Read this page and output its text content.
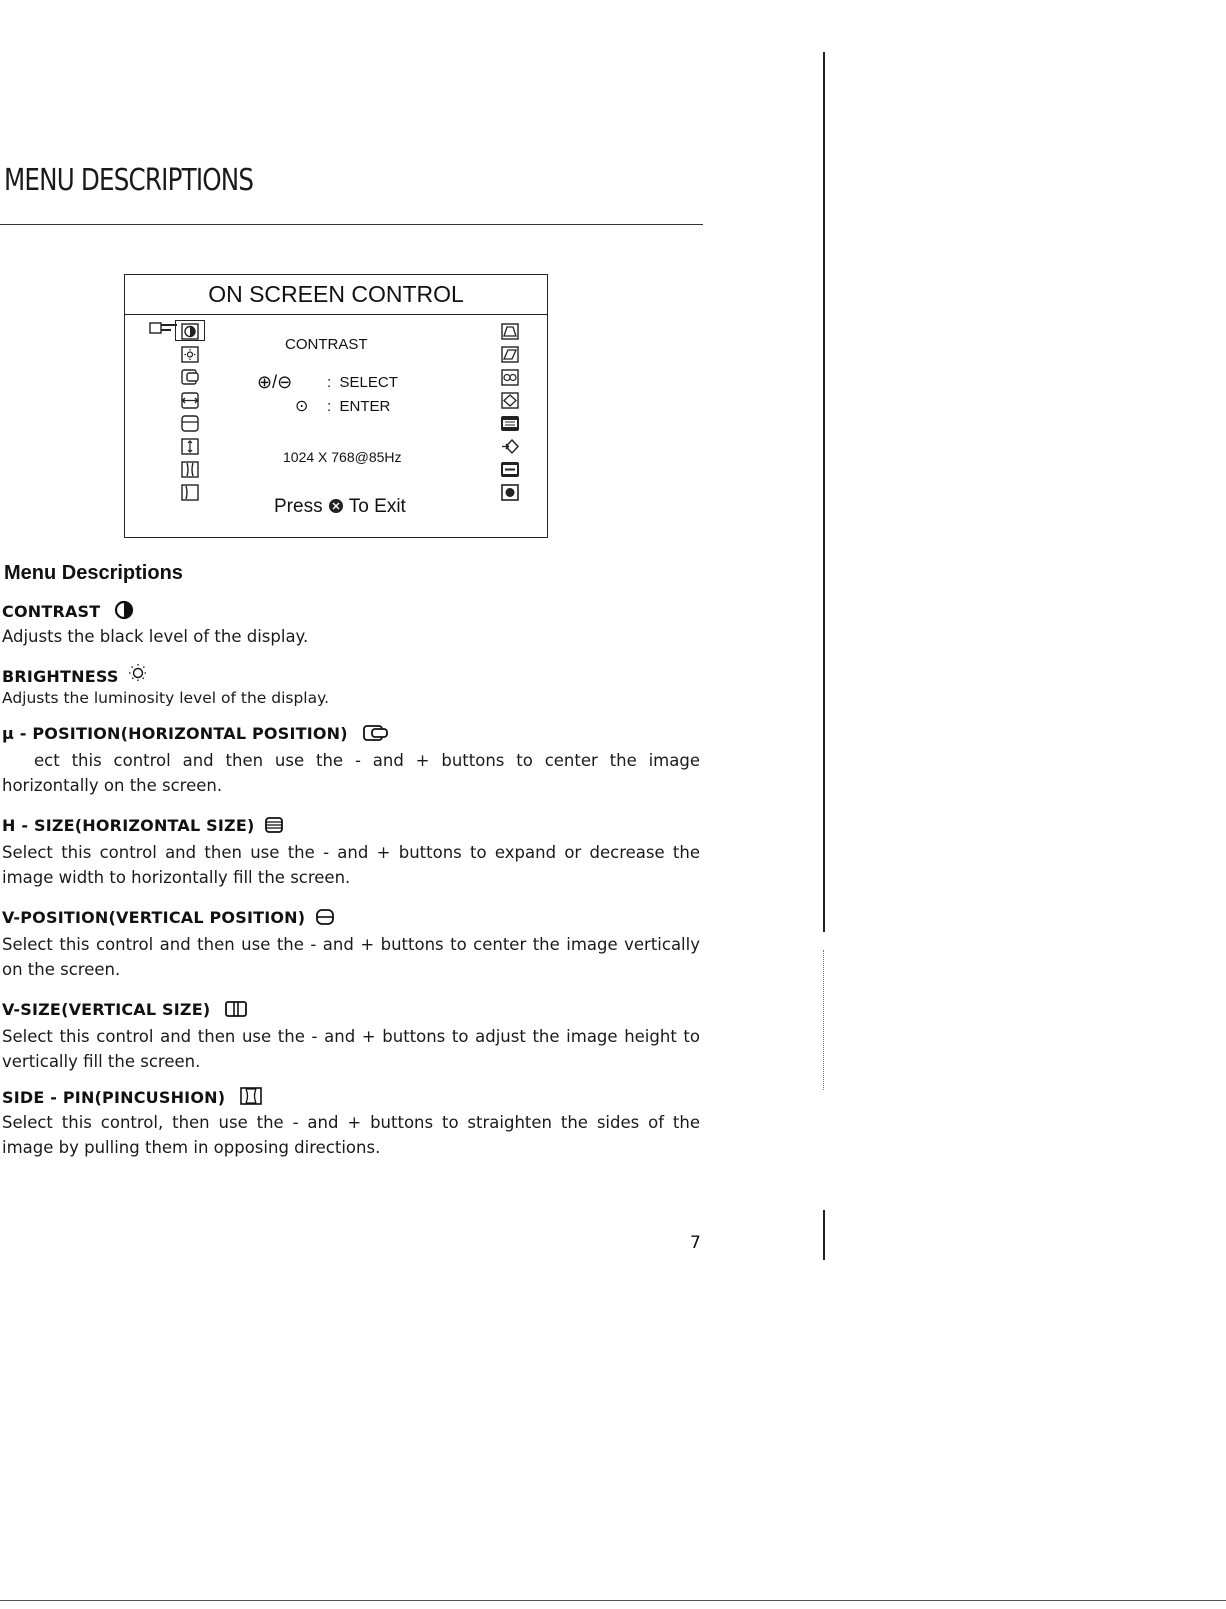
MENU DESCRIPTIONS
ON SCREEN CONTROL
CONTRAST
⊕/⊖ :  SELECT
⊙ :  ENTER
1024 X 768@85Hz
Press To Exit
Menu Descriptions
CONTRAST
Adjusts the black level of the display.
BRIGHTNESS
Adjusts the luminosity level of the display.
μ - POSITION(HORIZONTAL POSITION)
ect this control and then use the - and + buttons to center the image horizontally on the screen.
H - SIZE(HORIZONTAL SIZE)
Select this control and then use the - and + buttons to expand or decrease the image width to horizontally fill the screen.
V-POSITION(VERTICAL POSITION)
Select this control and then use the - and + buttons to center the image vertically on the screen.
V-SIZE(VERTICAL SIZE)
Select this control and then use the - and + buttons to adjust the image height to vertically fill the screen.
SIDE - PIN(PINCUSHION)
Select this control, then use the - and + buttons to straighten the sides of the image by pulling them in opposing directions.
7
